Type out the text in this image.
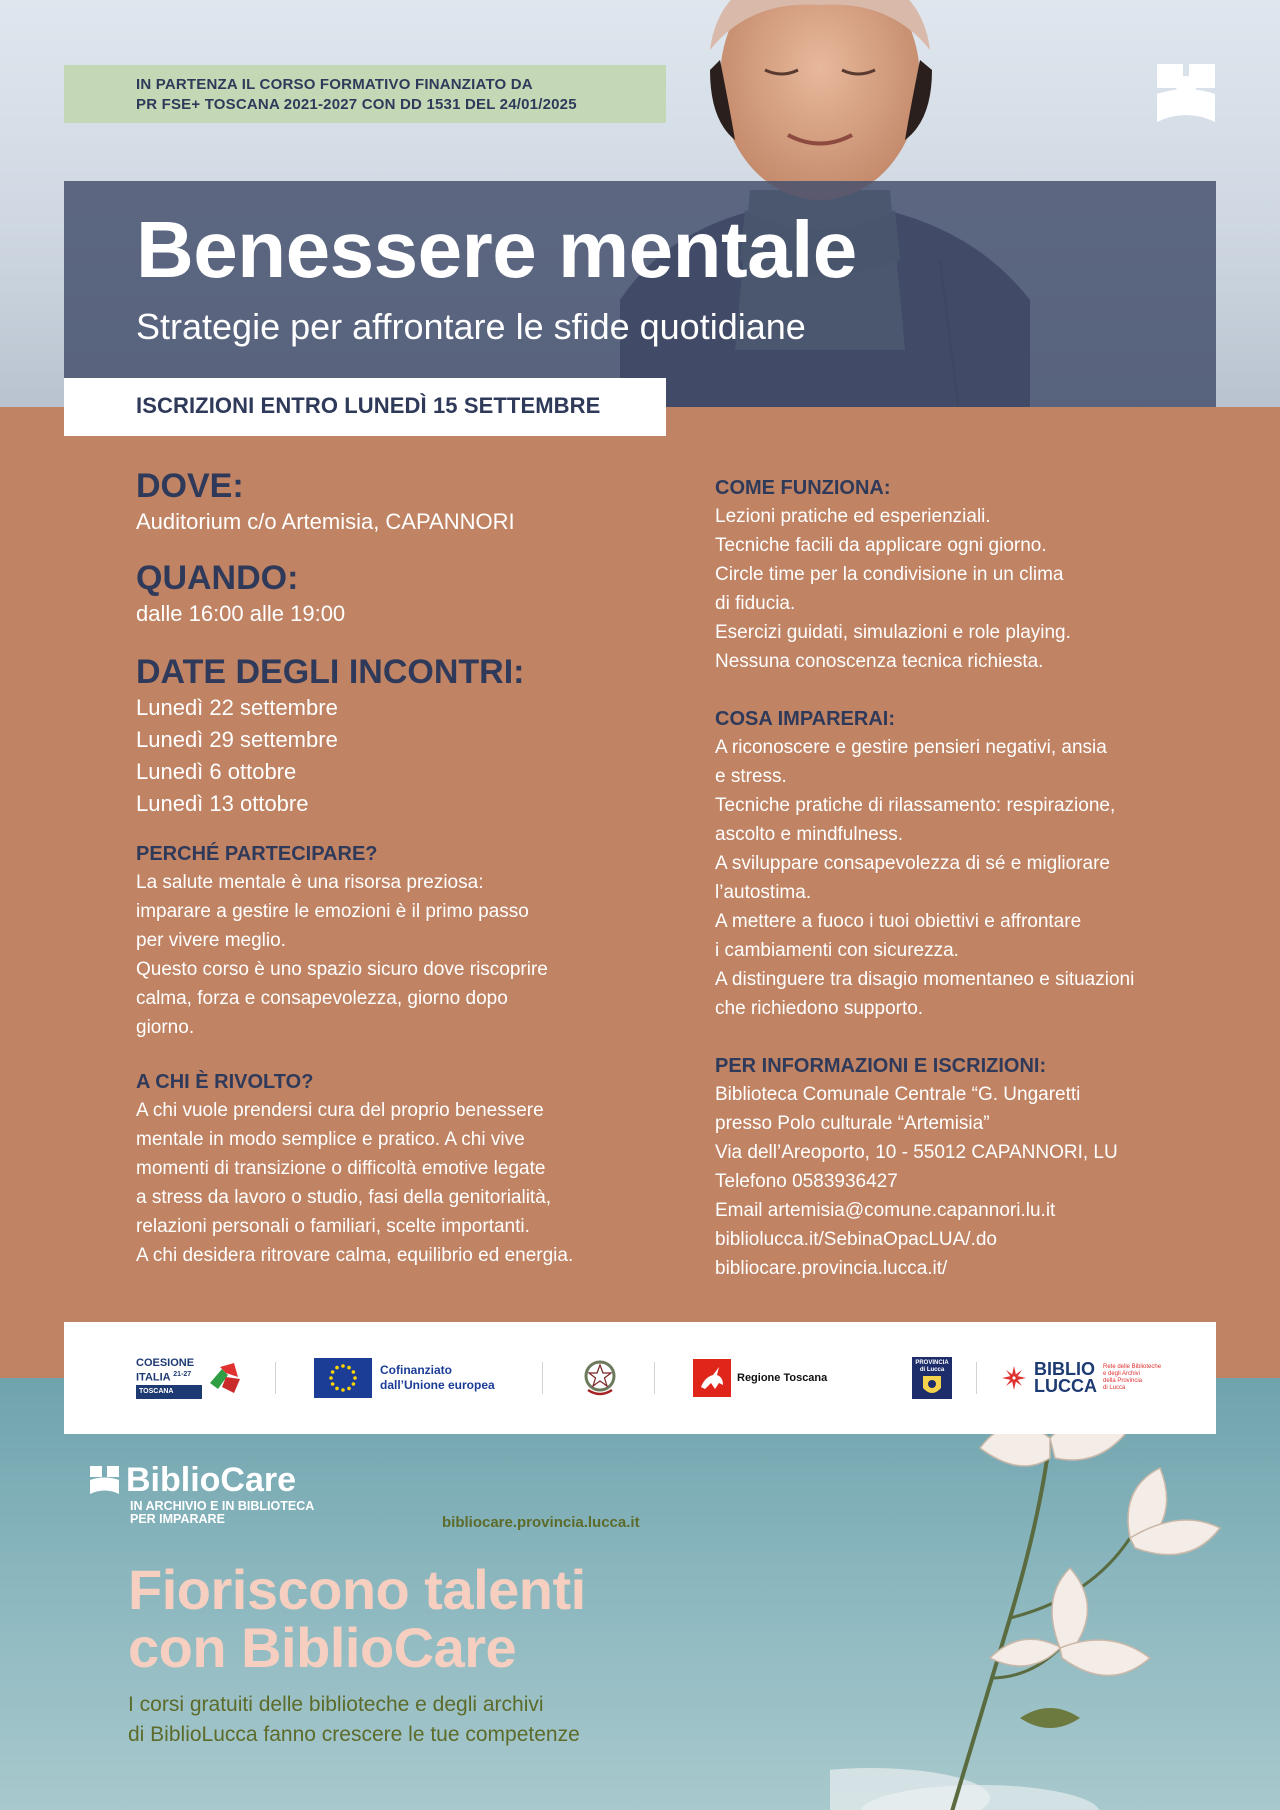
IN PARTENZA IL CORSO FORMATIVO FINANZIATO DA
PR FSE+ TOSCANA 2021-2027 CON DD 1531 DEL 24/01/2025
Benessere mentale
Strategie per affrontare le sfide quotidiane
ISCRIZIONI ENTRO LUNEDÌ 15 SETTEMBRE
DOVE:
Auditorium c/o Artemisia, CAPANNORI
QUANDO:
dalle 16:00 alle 19:00
DATE DEGLI INCONTRI:
Lunedì 22 settembre
Lunedì 29 settembre
Lunedì 6 ottobre
Lunedì 13 ottobre
PERCHÉ PARTECIPARE?
La salute mentale è una risorsa preziosa:
imparare a gestire le emozioni è il primo passo
per vivere meglio.
Questo corso è uno spazio sicuro dove riscoprire
calma, forza e consapevolezza, giorno dopo
giorno.
A CHI È RIVOLTO?
A chi vuole prendersi cura del proprio benessere
mentale in modo semplice e pratico. A chi vive
momenti di transizione o difficoltà emotive legate
a stress da lavoro o studio, fasi della genitorialità,
relazioni personali o familiari, scelte importanti.
A chi desidera ritrovare calma, equilibrio ed energia.
COME FUNZIONA:
Lezioni pratiche ed esperienziali.
Tecniche facili da applicare ogni giorno.
Circle time per la condivisione in un clima
di fiducia.
Esercizi guidati, simulazioni e role playing.
Nessuna conoscenza tecnica richiesta.
COSA IMPARERAI:
A riconoscere e gestire pensieri negativi, ansia
e stress.
Tecniche pratiche di rilassamento: respirazione,
ascolto e mindfulness.
A sviluppare consapevolezza di sé e migliorare
l’autostima.
A mettere a fuoco i tuoi obiettivi e affrontare
i cambiamenti con sicurezza.
A distinguere tra disagio momentaneo e situazioni
che richiedono supporto.
PER INFORMAZIONI E ISCRIZIONI:
Biblioteca Comunale Centrale “G. Ungaretti
presso Polo culturale “Artemisia”
Via dell’Areoporto, 10 - 55012 CAPANNORI, LU
Telefono 0583936427
Email artemisia@comune.capannori.lu.it
bibliolucca.it/SebinaOpacLUA/.do
bibliocare.provincia.lucca.it/
BiblioCare
IN ARCHIVIO E IN BIBLIOTECA
PER IMPARARE	bibliocare.provincia.lucca.it
Fioriscono talenti
con BiblioCare
I corsi gratuiti delle biblioteche e degli archivi
di BiblioLucca fanno crescere le tue competenze
COESIONE
ITALIA $^{21-27}$
TOSCANA
Cofinanziato
dall’Unione europea	Regione Toscana
PROVINCIA
di Lucca	BIBLIO
LUCCA
Rete delle Biblioteche
e degli Archivi
della Provincia
di Lucca
